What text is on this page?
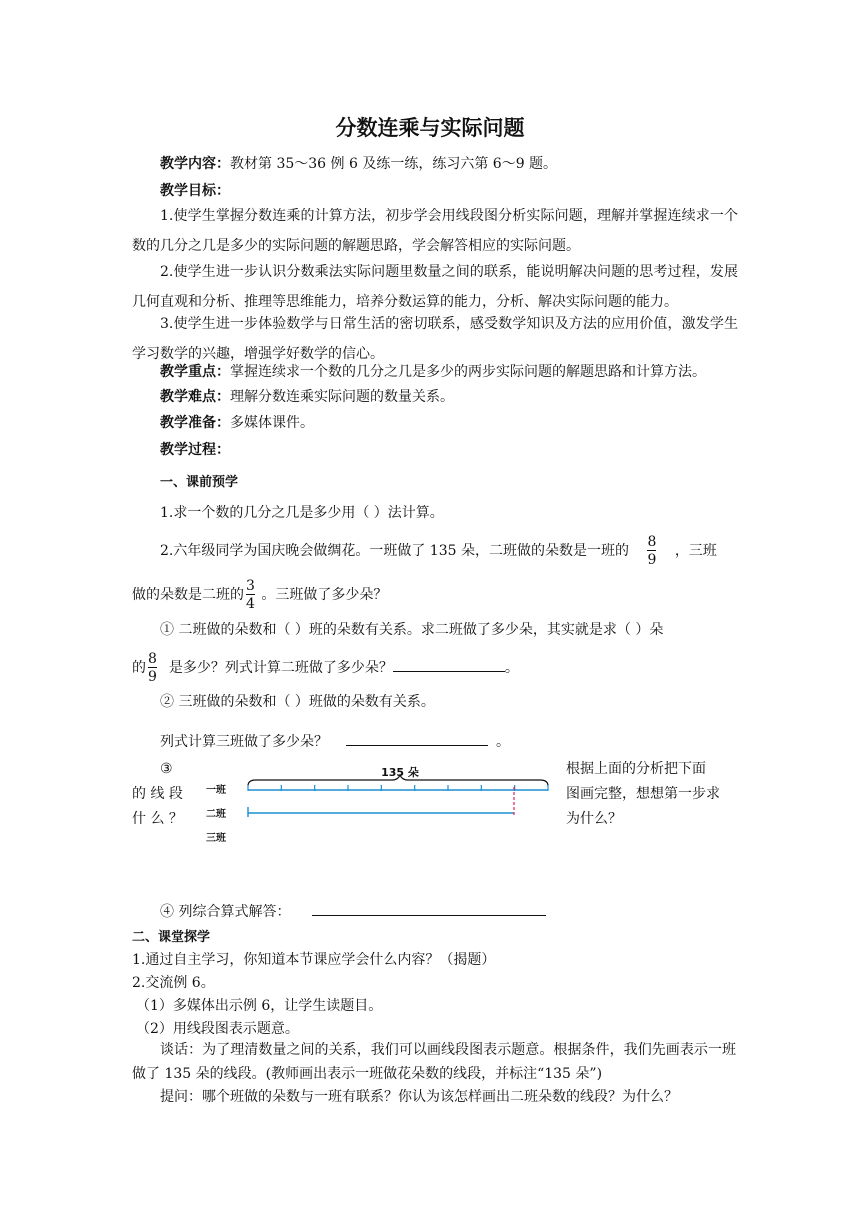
分数连乘与实际问题
教学内容：教材第 35～36 例 6 及练一练，练习六第 6～9 题。
教学目标：
1.使学生掌握分数连乘的计算方法，初步学会用线段图分析实际问题，理解并掌握连续求一个数的几分之几是多少的实际问题的解题思路，学会解答相应的实际问题。
2.使学生进一步认识分数乘法实际问题里数量之间的联系，能说明解决问题的思考过程，发展几何直观和分析、推理等思维能力，培养分数运算的能力，分析、解决实际问题的能力。
3.使学生进一步体验数学与日常生活的密切联系，感受数学知识及方法的应用价值，激发学生学习数学的兴趣，增强学好数学的信心。
教学重点：掌握连续求一个数的几分之几是多少的两步实际问题的解题思路和计算方法。
教学难点：理解分数连乘实际问题的数量关系。
教学准备：多媒体课件。
教学过程：
一、课前预学
1.求一个数的几分之几是多少用（ ）法计算。
2.六年级同学为国庆晚会做绸花。一班做了 135 朵，二班做的朵数是一班的 $\frac{8}{9}$ ，三班
做的朵数是二班的 $\frac{3}{4}$ 。三班做了多少朵？
① 二班做的朵数和（ ）班的朵数有关系。求二班做了多少朵，其实就是求（ ）朵
的 $\frac{8}{9}$ 是多少？列式计算二班做了多少朵？	。
② 三班做的朵数和（ ）班做的朵数有关系。
列式计算三班做了多少朵？	。
③
的 线 段
什 么 ？
根据上面的分析把下面
图画完整，想想第一步求
为什么？
135 朵
一班
二班
三班
④ 列综合算式解答：
二、课堂探学
1.通过自主学习，你知道本节课应学会什么内容？（揭题）
2.交流例 6。
（1）多媒体出示例 6，让学生读题目。
（2）用线段图表示题意。
谈话：为了理清数量之间的关系，我们可以画线段图表示题意。根据条件，我们先画表示一班做了 135 朵的线段。(教师画出表示一班做花朵数的线段，并标注“135 朵”)
提问：哪个班做的朵数与一班有联系？你认为该怎样画出二班朵数的线段？为什么？
